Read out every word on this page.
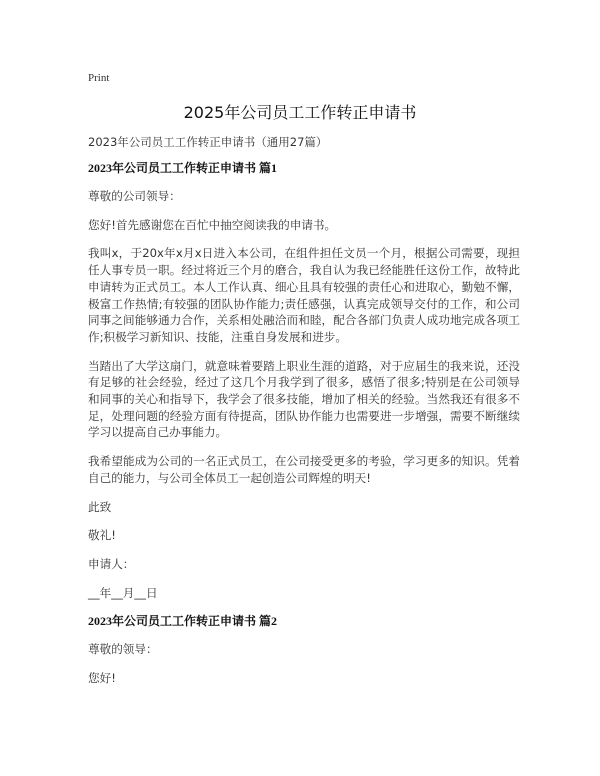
Print
2025年公司员工工作转正申请书
2023年公司员工工作转正申请书（通用27篇）
2023年公司员工工作转正申请书 篇1

尊敬的公司领导：

您好!首先感谢您在百忙中抽空阅读我的申请书。

我叫x，于20x年x月x日进入本公司，在组件担任文员一个月，根据公司需要，现担任人事专员一职。经过将近三个月的磨合，我自认为我已经能胜任这份工作，故特此申请转为正式员工。本人工作认真、细心且具有较强的责任心和进取心，勤勉不懈，极富工作热情;有较强的团队协作能力;责任感强，认真完成领导交付的工作，和公司同事之间能够通力合作，关系相处融洽而和睦，配合各部门负责人成功地完成各项工作;积极学习新知识、技能，注重自身发展和进步。

当踏出了大学这扇门，就意味着要踏上职业生涯的道路，对于应届生的我来说，还没有足够的社会经验，经过了这几个月我学到了很多，感悟了很多;特别是在公司领导和同事的关心和指导下，我学会了很多技能，增加了相关的经验。当然我还有很多不足，处理问题的经验方面有待提高，团队协作能力也需要进一步增强，需要不断继续学习以提高自己办事能力。

我希望能成为公司的一名正式员工，在公司接受更多的考验，学习更多的知识。凭着自己的能力，与公司全体员工一起创造公司辉煌的明天!

此致

敬礼!

申请人：

__年__月__日

2023年公司员工工作转正申请书 篇2

尊敬的领导：

您好!
